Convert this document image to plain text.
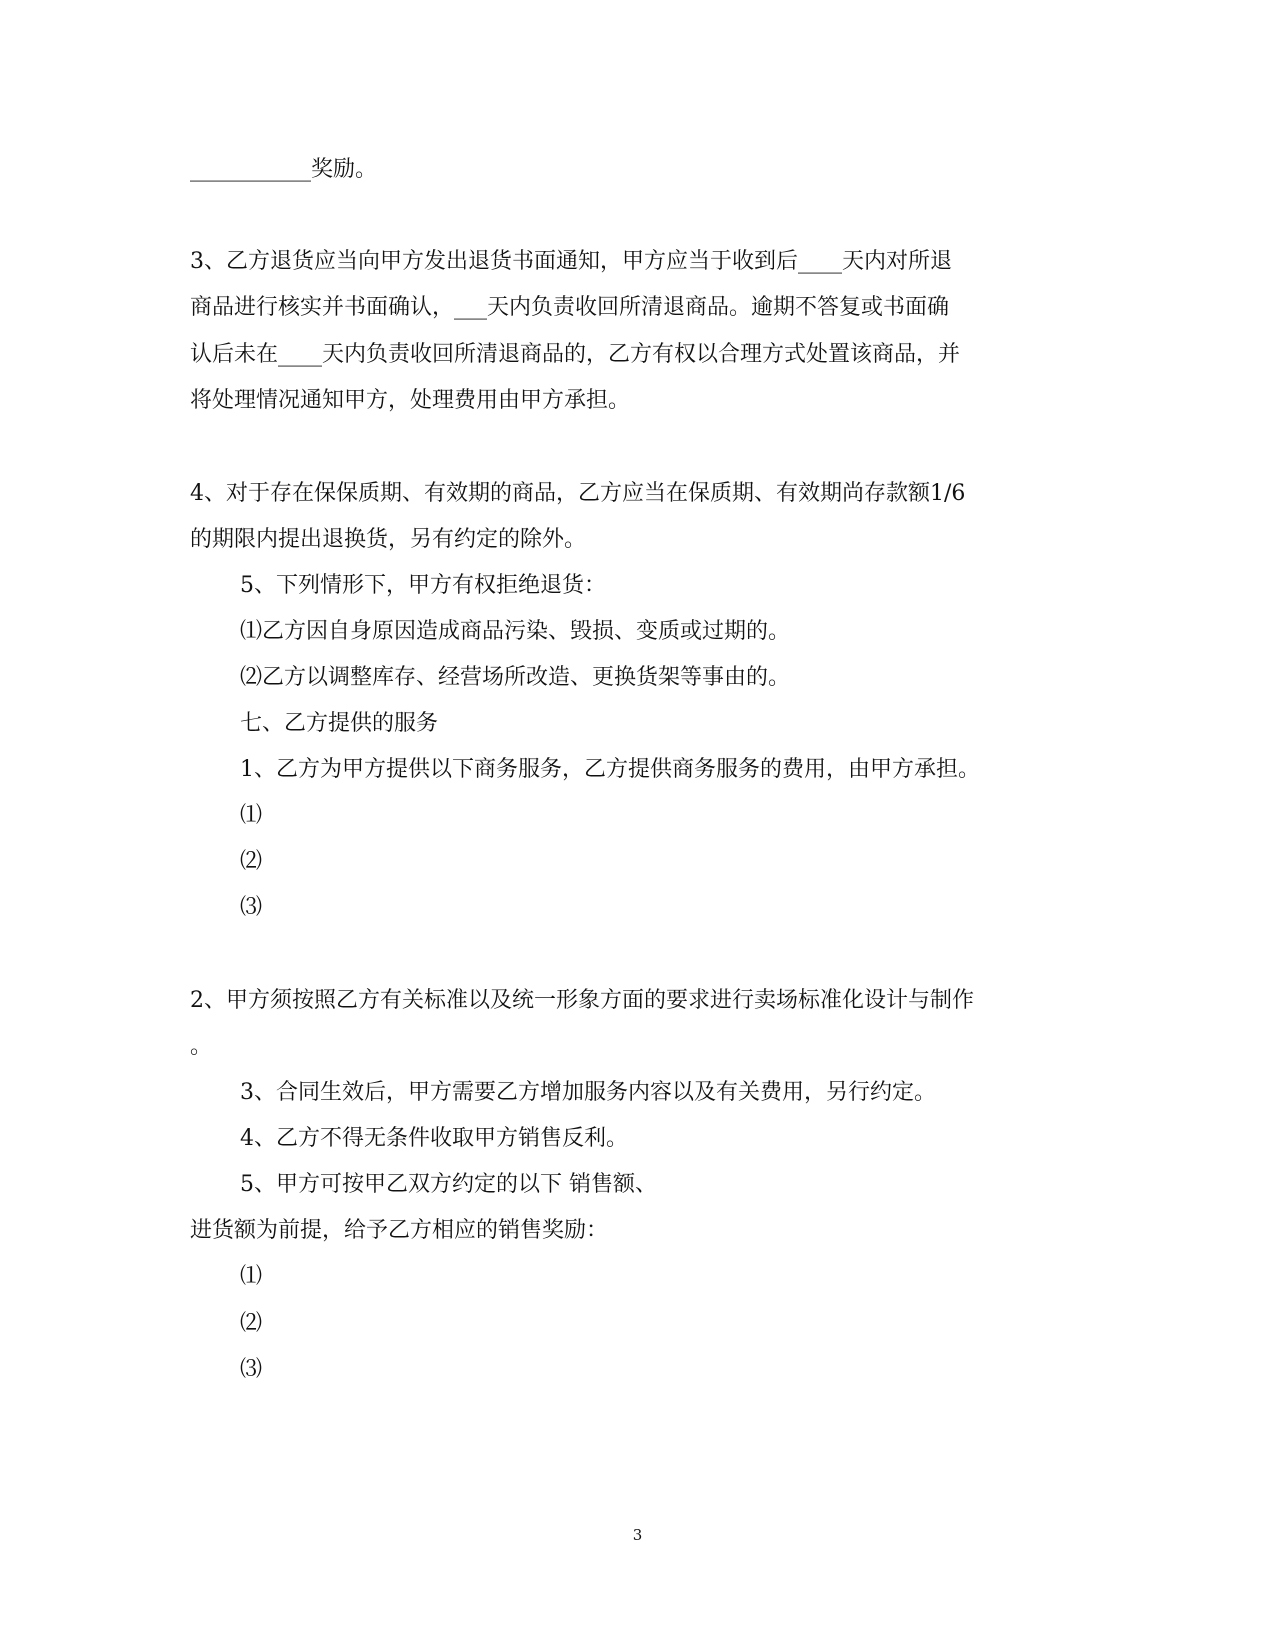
___________奖励。

3、乙方退货应当向甲方发出退货书面通知，甲方应当于收到后____天内对所退

商品进行核实并书面确认，___天内负责收回所清退商品。逾期不答复或书面确

认后未在____天内负责收回所清退商品的，乙方有权以合理方式处置该商品，并

将处理情况通知甲方，处理费用由甲方承担。

4、对于存在保保质期、有效期的商品，乙方应当在保质期、有效期尚存款额1/6

的期限内提出退换货，另有约定的除外。

5、下列情形下，甲方有权拒绝退货：

⑴乙方因自身原因造成商品污染、毁损、变质或过期的。

⑵乙方以调整库存、经营场所改造、更换货架等事由的。

七、乙方提供的服务

1、乙方为甲方提供以下商务服务，乙方提供商务服务的费用，由甲方承担。

⑴

⑵

⑶

2、甲方须按照乙方有关标准以及统一形象方面的要求进行卖场标准化设计与制作

。

3、合同生效后，甲方需要乙方增加服务内容以及有关费用，另行约定。

4、乙方不得无条件收取甲方销售反利。

5、甲方可按甲乙双方约定的以下 销售额、

进货额为前提，给予乙方相应的销售奖励：

⑴

⑵

⑶

3
